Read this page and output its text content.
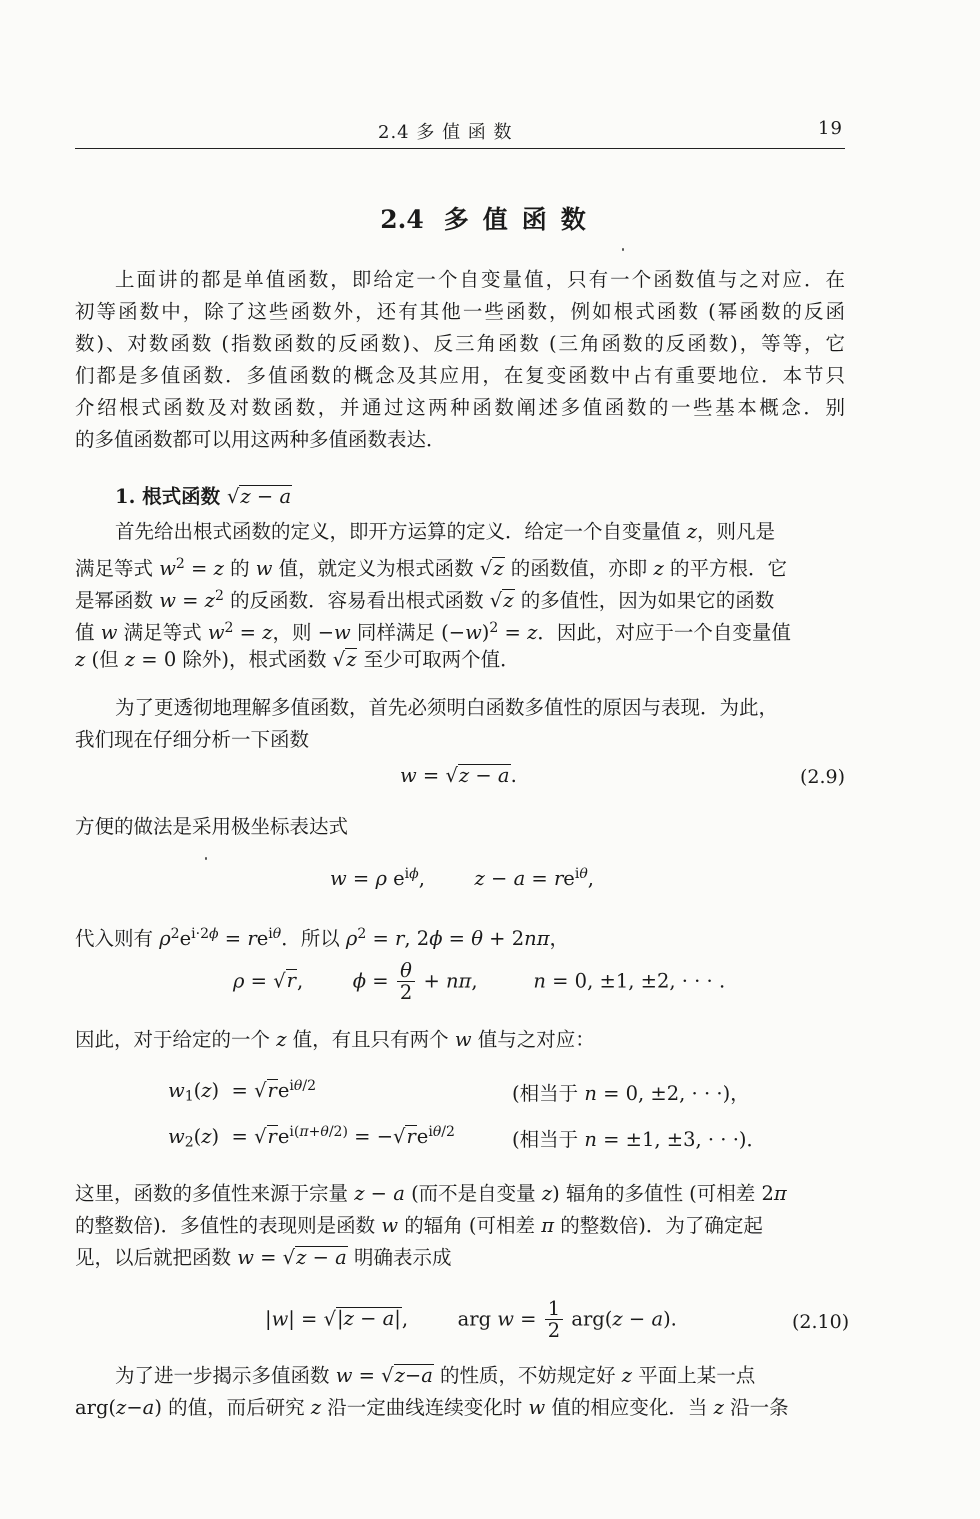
2.4 多 值 函 数	19
2.4 多值函数
上面讲的都是单值函数，即给定一个自变量值，只有一个函数值与之对应．在
初等函数中，除了这些函数外，还有其他一些函数，例如根式函数 (幂函数的反函
数)、对数函数 (指数函数的反函数)、反三角函数 (三角函数的反函数)，等等，它
们都是多值函数．多值函数的概念及其应用，在复变函数中占有重要地位．本节只
介绍根式函数及对数函数，并通过这两种函数阐述多值函数的一些基本概念．别
的多值函数都可以用这两种多值函数表达．
1. 根式函数 √z − a
首先给出根式函数的定义，即开方运算的定义．给定一个自变量值 z，则凡是
满足等式 $w^2 = z$ 的 w 值，就定义为根式函数 √z 的函数值，亦即 z 的平方根．它
是幂函数 $w = z^2$ 的反函数．容易看出根式函数 √z 的多值性，因为如果它的函数
值 w 满足等式 $w^2 = z$，则 −w 同样满足 $(-w)^2 = z$．因此，对应于一个自变量值
z (但 z = 0 除外)，根式函数 √z 至少可取两个值．
为了更透彻地理解多值函数，首先必须明白函数多值性的原因与表现．为此，
我们现在仔细分析一下函数
w = √z − a.	(2.9)
方便的做法是采用极坐标表达式
w = ρ $e^{i\phi}$,        $z - a = re^{i\theta}$,
代入则有 $\rho^2e^{i\cdot 2\phi} = re^{i\theta}$．所以 $\rho^2 = r$, 2ϕ = θ + 2nπ，
ρ = √r,        $\phi = \frac{\theta}{2} + n\pi$,         n = 0, ±1, ±2, · · · .
因此，对于给定的一个 z 值，有且只有两个 w 值与之对应：
$w_1(z) = √re^{i\theta/2}$	(相当于 n = 0, ±2, · · ·)，
$w_2(z) = √re^{i(\pi+\theta/2)} = -√re^{i\theta/2}$	(相当于 n = ±1, ±3, · · ·)．
这里，函数的多值性来源于宗量 z − a (而不是自变量 z) 辐角的多值性 (可相差 2π
的整数倍)．多值性的表现则是函数 w 的辐角 (可相差 π 的整数倍)．为了确定起
见，以后就把函数 w = √z − a 明确表示成
|w| = √|z − a|,        arg $w = \frac{1}{2} arg(z - a)$.	(2.10)
为了进一步揭示多值函数 w = √z−a 的性质，不妨规定好 z 平面上某一点
arg(z−a) 的值，而后研究 z 沿一定曲线连续变化时 w 值的相应变化．当 z 沿一条
